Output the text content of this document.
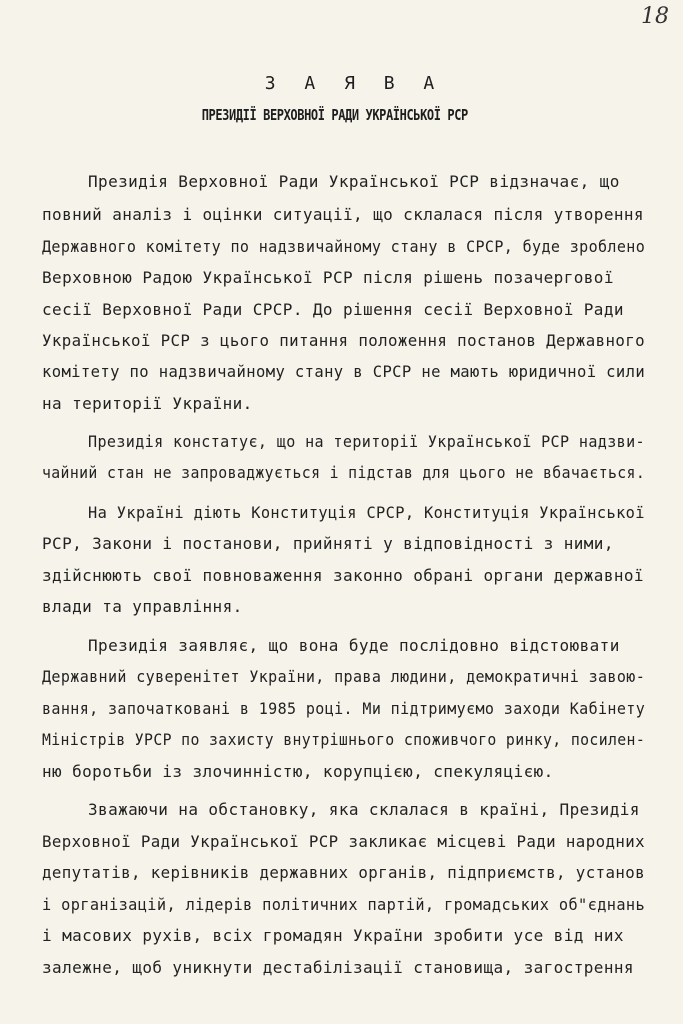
18
З А Я В А
ПРЕЗИДІЇ ВЕРХОВНОЇ РАДИ УКРАЇНСЬКОЇ РСР
Президія Верховної Ради Української РСР відзначає, що
повний аналіз і оцінки ситуації, що склалася після утворення
Державного комітету по надзвичайному стану в СРСР, буде зроблено
Верховною Радою Української РСР після рішень позачергової
сесії Верховної Ради СРСР. До рішення сесії Верховної Ради
Української РСР з цього питання положення постанов Державного
комітету по надзвичайному стану в СРСР не мають юридичної сили
на території України.
Президія констатує, що на території Української РСР надзви-
чайний стан не запроваджується і підстав для цього не вбачається.
На Україні діють Конституція СРСР, Конституція Української
РСР, Закони і постанови, прийняті у відповідності з ними,
здійснюють свої повноваження законно обрані органи державної
влади та управління.
Президія заявляє, що вона буде послідовно відстоювати
Державний суверенітет України, права людини, демократичні завою-
вання, започатковані в 1985 році. Ми підтримуємо заходи Кабінету
Міністрів УРСР по захисту внутрішнього споживчого ринку, посилен-
ню боротьби із злочинністю, корупцією, спекуляцією.
Зважаючи на обстановку, яка склалася в країні, Президія
Верховної Ради Української РСР закликає місцеві Ради народних
депутатів, керівників державних органів, підприємств, установ
і організацій, лідерів політичних партій, громадських об"єднань
і масових рухів, всіх громадян України зробити усе від них
залежне, щоб уникнути дестабілізації становища, загострення
